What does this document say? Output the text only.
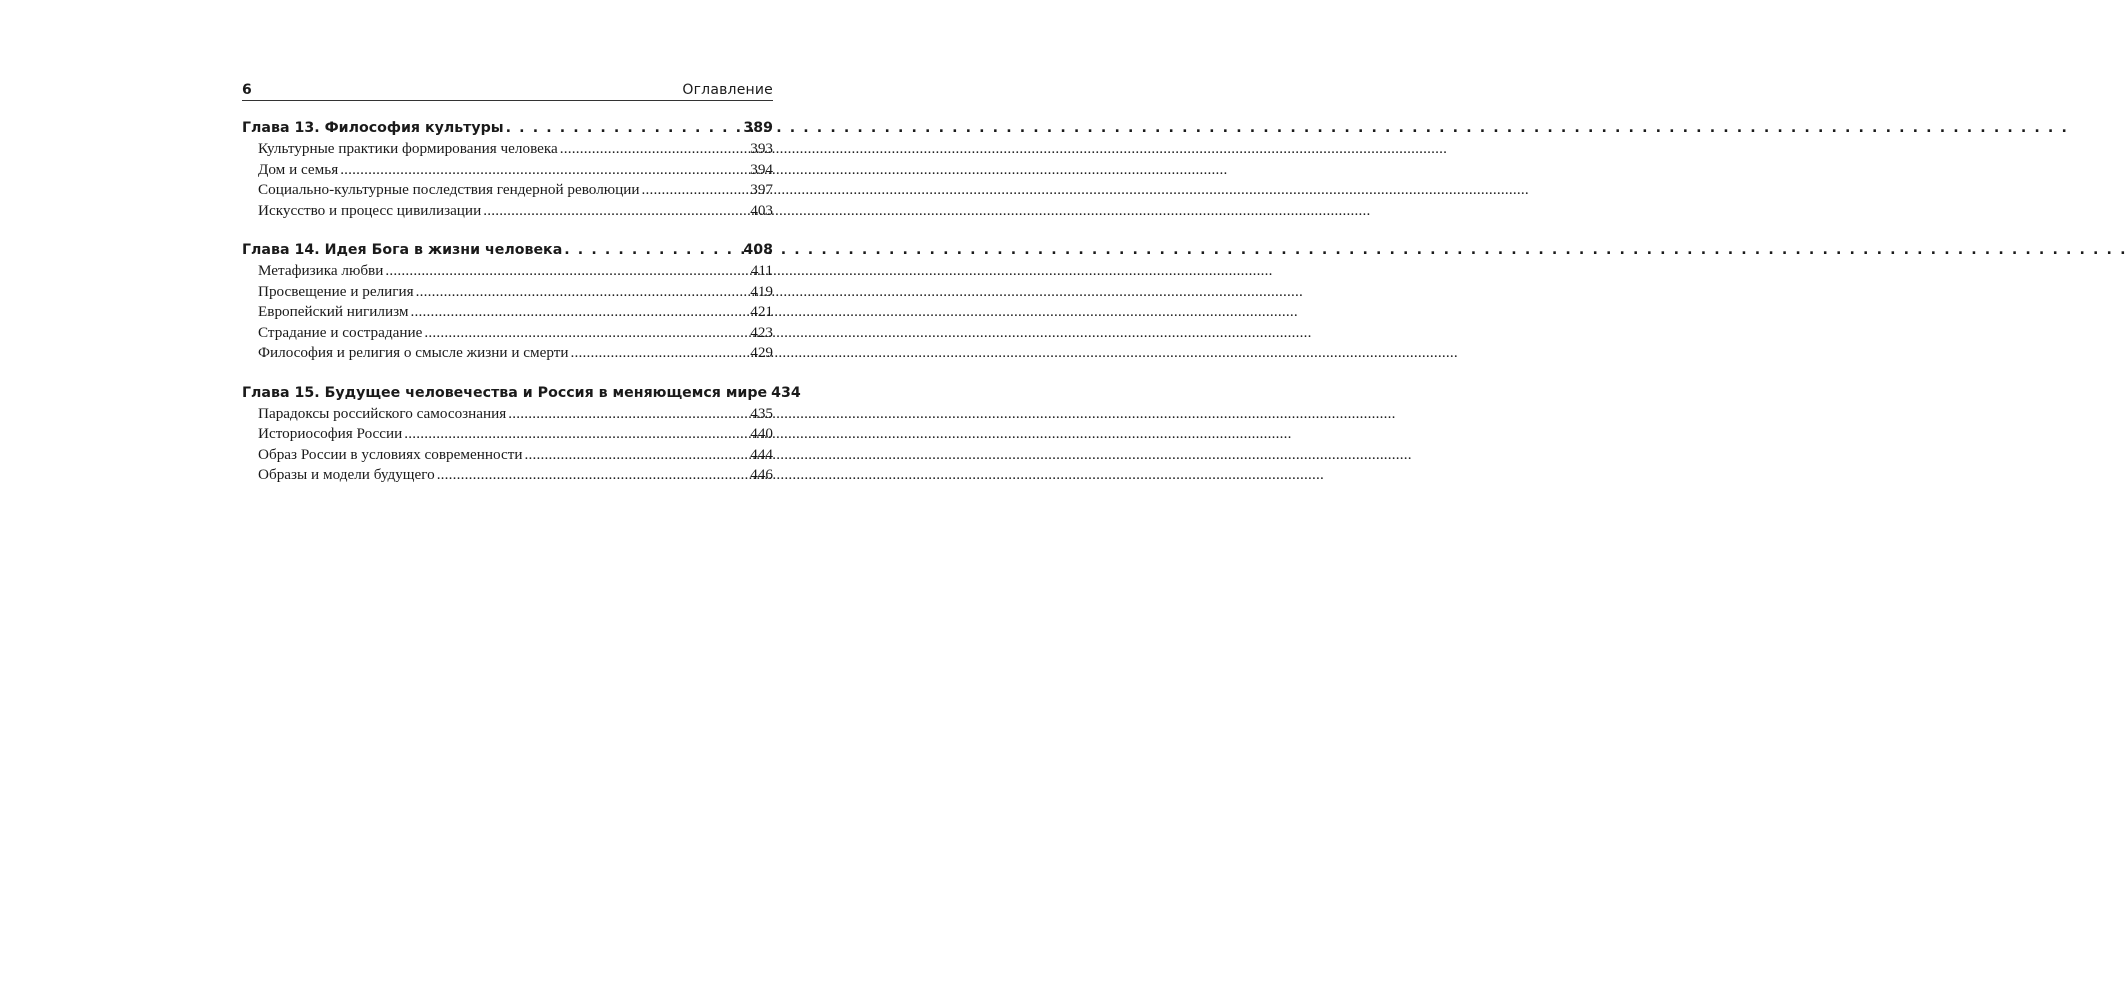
6	Оглавление
Глава 13. Философия культуры . . .	389
Культурные практики формирования человека .....	393
Дом и семья .....	394
Социально-культурные последствия гендерной революции .....	397
Искусство и процесс цивилизации .....	403
Глава 14. Идея Бога в жизни человека . . .	408
Метафизика любви .....	411
Просвещение и религия .....	419
Европейский нигилизм .....	421
Страдание и сострадание .....	423
Философия и религия о смысле жизни и смерти .....	429
Глава 15. Будущее человечества и Россия в меняющемся мире 434
Парадоксы российского самосознания .....	435
Историософия России .....	440
Образ России в условиях современности .....	444
Образы и модели будущего .....	446
